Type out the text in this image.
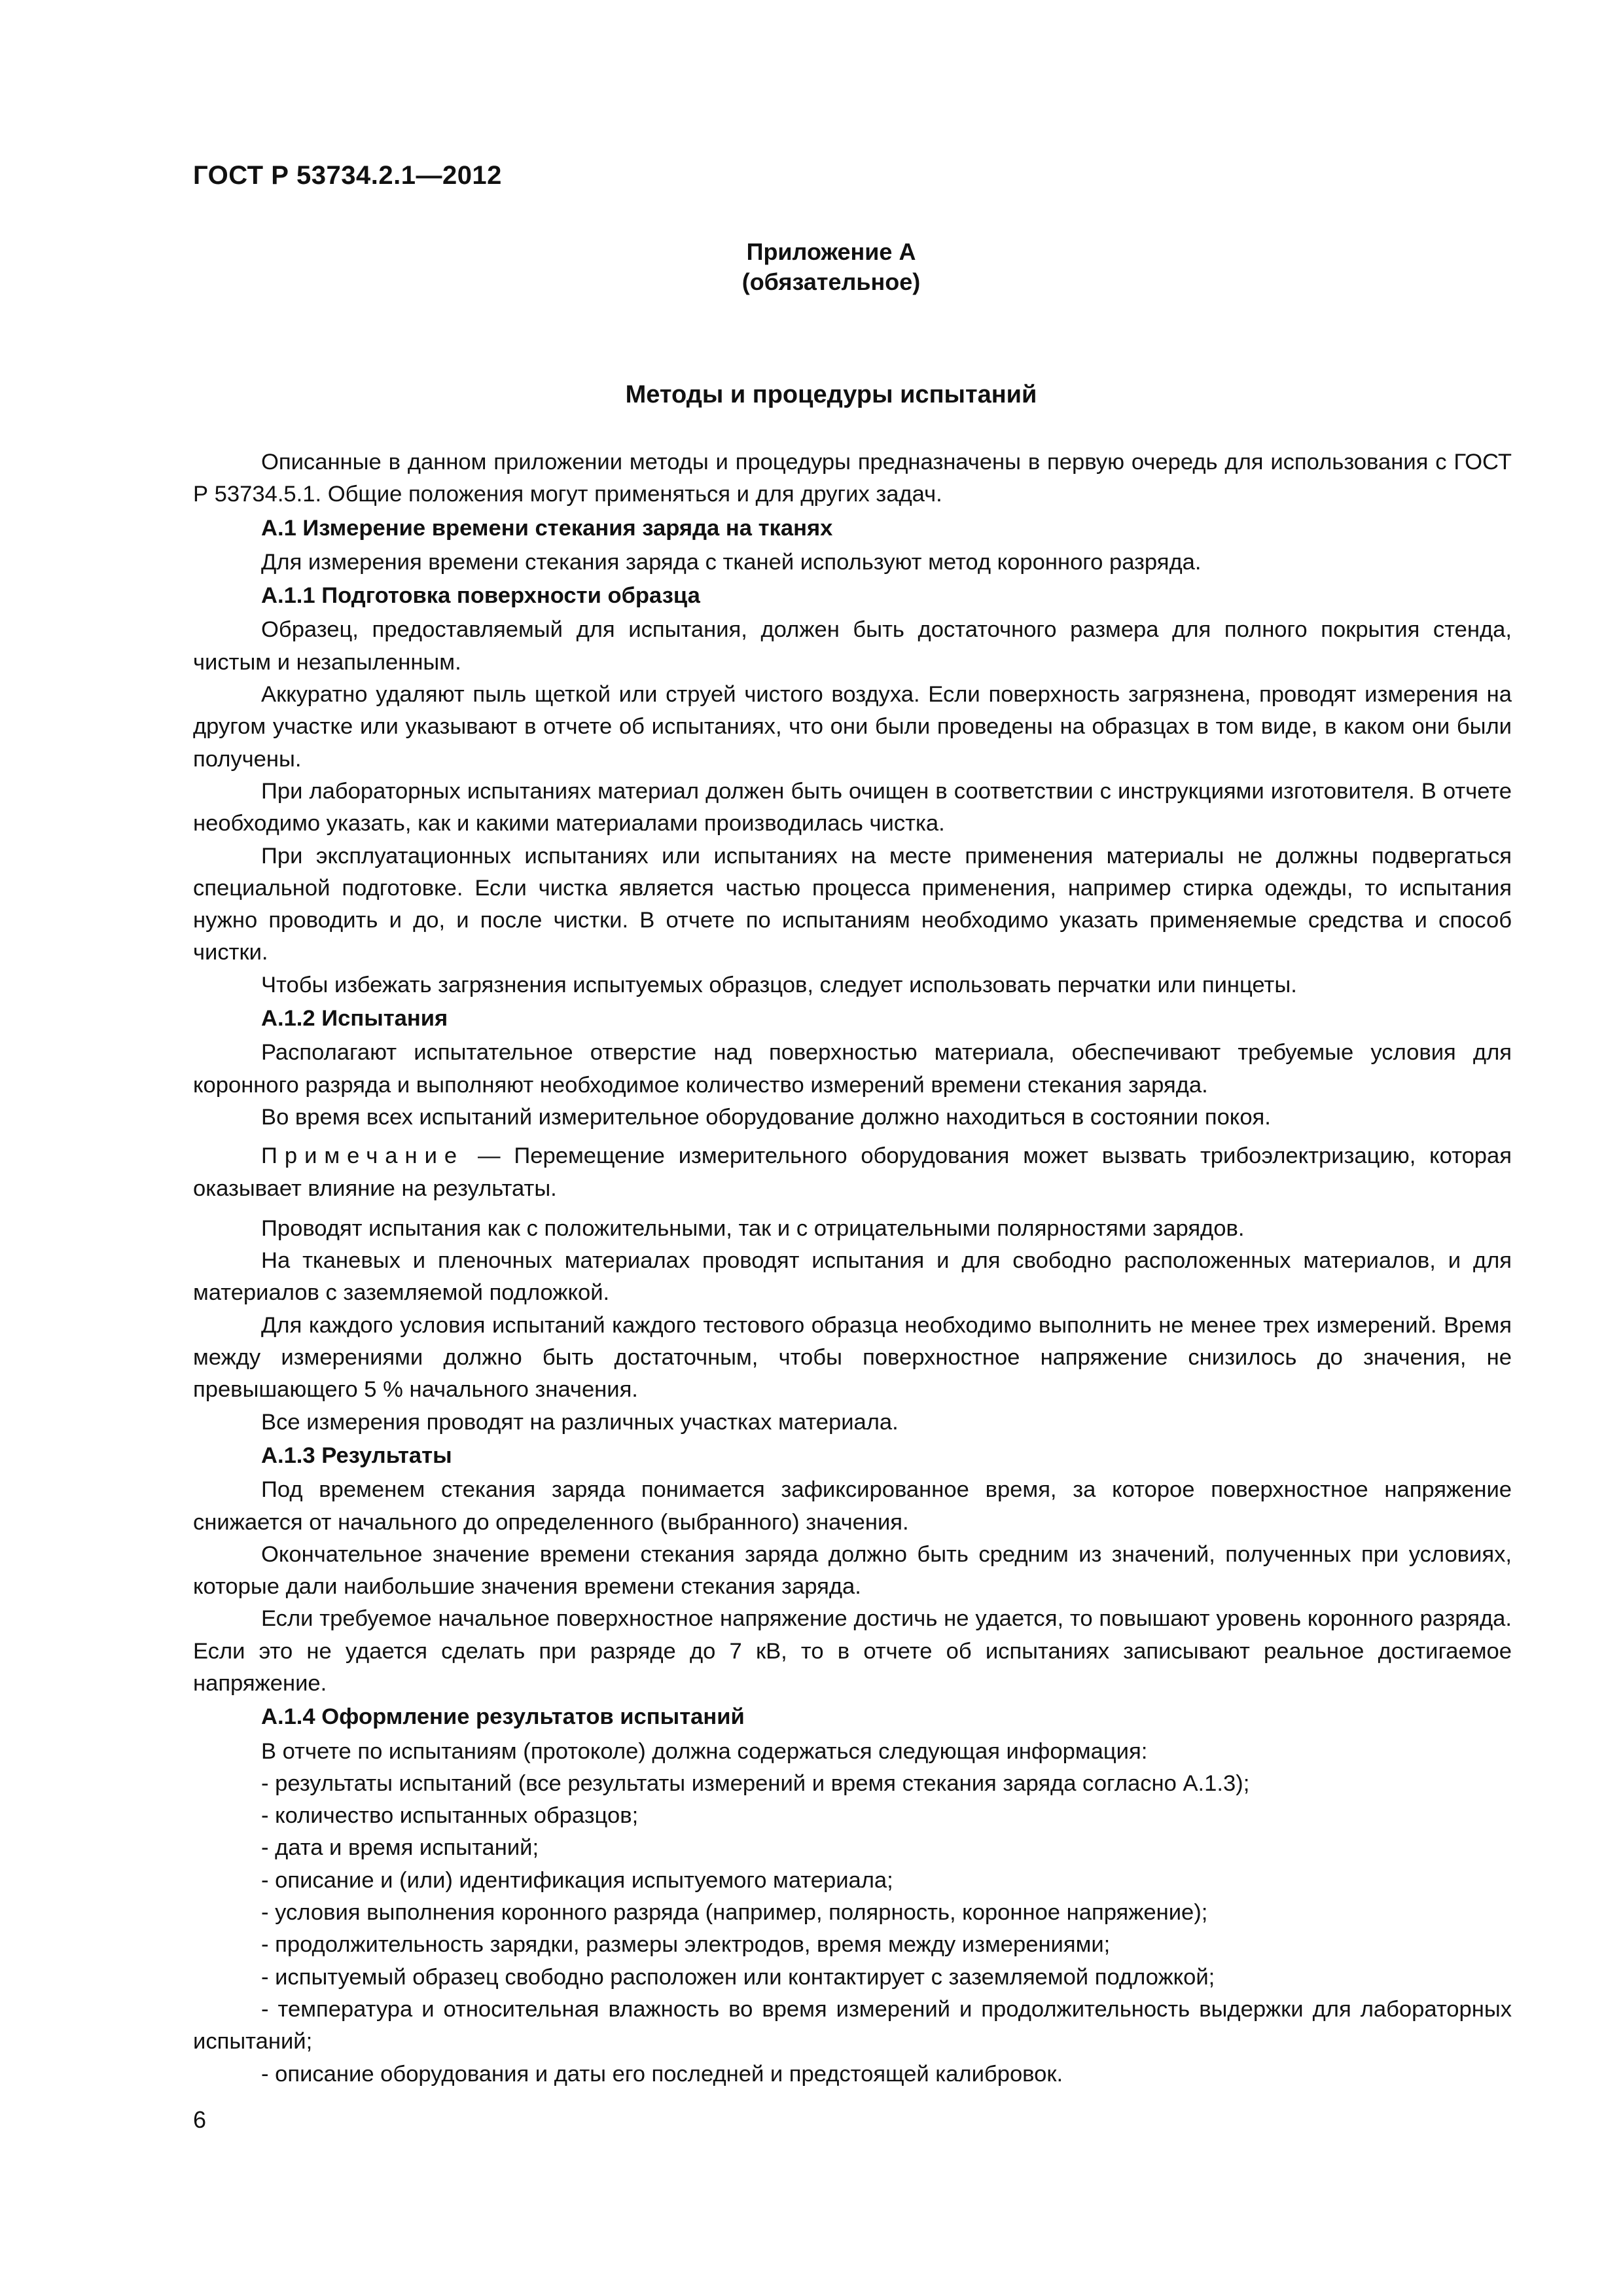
ГОСТ Р 53734.2.1—2012
Приложение А
(обязательное)
Методы и процедуры испытаний

Описанные в данном приложении методы и процедуры предназначены в первую очередь для использования с ГОСТ Р 53734.5.1. Общие положения могут применяться и для других задач.

А.1 Измерение времени стекания заряда на тканях

Для измерения времени стекания заряда с тканей используют метод коронного разряда.

А.1.1 Подготовка поверхности образца

Образец, предоставляемый для испытания, должен быть достаточного размера для полного покрытия стенда, чистым и незапыленным.

Аккуратно удаляют пыль щеткой или струей чистого воздуха. Если поверхность загрязнена, проводят измерения на другом участке или указывают в отчете об испытаниях, что они были проведены на образцах в том виде, в каком они были получены.

При лабораторных испытаниях материал должен быть очищен в соответствии с инструкциями изготовителя. В отчете необходимо указать, как и какими материалами производилась чистка.

При эксплуатационных испытаниях или испытаниях на месте применения материалы не должны подвергаться специальной подготовке. Если чистка является частью процесса применения, например стирка одежды, то испытания нужно проводить и до, и после чистки. В отчете по испытаниям необходимо указать применяемые средства и способ чистки.

Чтобы избежать загрязнения испытуемых образцов, следует использовать перчатки или пинцеты.

А.1.2 Испытания

Располагают испытательное отверстие над поверхностью материала, обеспечивают требуемые условия для коронного разряда и выполняют необходимое количество измерений времени стекания заряда.

Во время всех испытаний измерительное оборудование должно находиться в состоянии покоя.

Примечание — Перемещение измерительного оборудования может вызвать трибоэлектризацию, которая оказывает влияние на результаты.

Проводят испытания как с положительными, так и с отрицательными полярностями зарядов.

На тканевых и пленочных материалах проводят испытания и для свободно расположенных материалов, и для материалов с заземляемой подложкой.

Для каждого условия испытаний каждого тестового образца необходимо выполнить не менее трех измерений. Время между измерениями должно быть достаточным, чтобы поверхностное напряжение снизилось до значения, не превышающего 5 % начального значения.

Все измерения проводят на различных участках материала.

А.1.3 Результаты

Под временем стекания заряда понимается зафиксированное время, за которое поверхностное напряжение снижается от начального до определенного (выбранного) значения.

Окончательное значение времени стекания заряда должно быть средним из значений, полученных при условиях, которые дали наибольшие значения времени стекания заряда.

Если требуемое начальное поверхностное напряжение достичь не удается, то повышают уровень коронного разряда. Если это не удается сделать при разряде до 7 кВ, то в отчете об испытаниях записывают реальное достигаемое напряжение.

А.1.4 Оформление результатов испытаний

В отчете по испытаниям (протоколе) должна содержаться следующая информация:

- результаты испытаний (все результаты измерений и время стекания заряда согласно А.1.3);

- количество испытанных образцов;

- дата и время испытаний;

- описание и (или) идентификация испытуемого материала;

- условия выполнения коронного разряда (например, полярность, коронное напряжение);

- продолжительность зарядки, размеры электродов, время между измерениями;

- испытуемый образец свободно расположен или контактирует с заземляемой подложкой;

- температура и относительная влажность во время измерений и продолжительность выдержки для лабораторных испытаний;

- описание оборудования и даты его последней и предстоящей калибровок.

6
